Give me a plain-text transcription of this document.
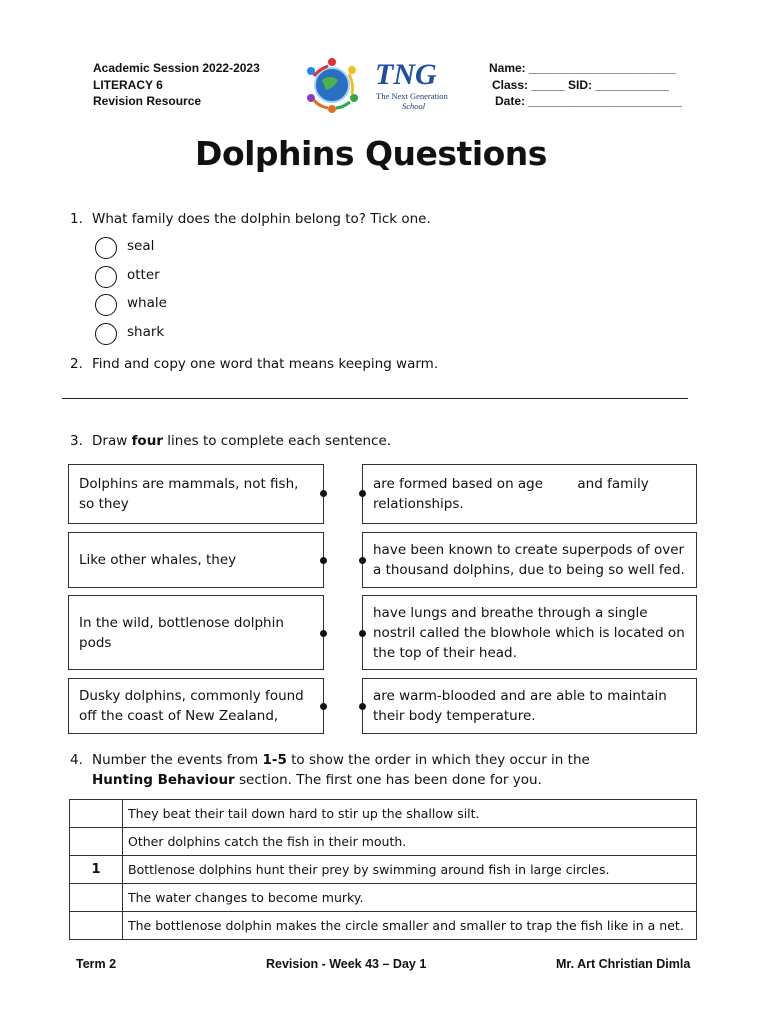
Academic Session 2022-2023
LITERACY 6
Revision Resource
TNG
The Next Generation
School
Name: ______________________
Class: _____ SID: ___________
Date: _______________________
Dolphins Questions
1. What family does the dolphin belong to? Tick one.
seal
otter
whale
shark
2. Find and copy one word that means keeping warm.
3. Draw four lines to complete each sentence.
Dolphins are mammals, not fish, so they
Like other whales, they
In the wild, bottlenose dolphin pods
Dusky dolphins, commonly found off the coast of New Zealand,
are formed based on age        and family relationships.
have been known to create superpods of over a thousand dolphins, due to being so well fed.
have lungs and breathe through a single nostril called the blowhole which is located on the top of their head.
are warm-blooded and are able to maintain their body temperature.
4. Number the events from 1-5 to show the order in which they occur in the
Hunting Behaviour section. The first one has been done for you.
	They beat their tail down hard to stir up the shallow silt.
	Other dolphins catch the fish in their mouth.
1	Bottlenose dolphins hunt their prey by swimming around fish in large circles.
	The water changes to become murky.
	The bottlenose dolphin makes the circle smaller and smaller to trap the fish like in a net.
Term 2	Revision - Week 43 – Day 1	Mr. Art Christian Dimla
